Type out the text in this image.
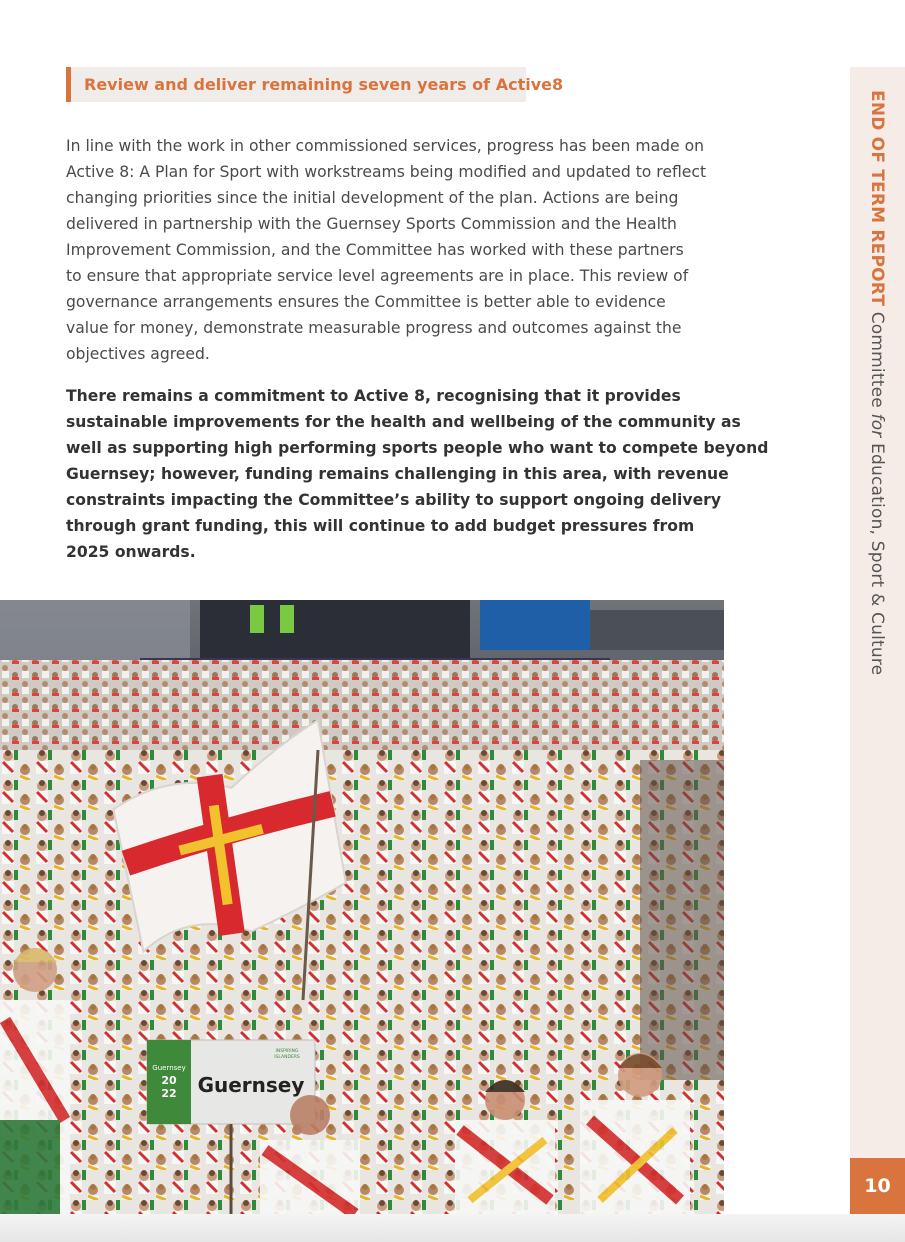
Review and deliver remaining seven years of Active8
In line with the work in other commissioned services, progress has been made on
Active 8: A Plan for Sport with workstreams being modified and updated to reflect
changing priorities since the initial development of the plan. Actions are being
delivered in partnership with the Guernsey Sports Commission and the Health
Improvement Commission, and the Committee has worked with these partners
to ensure that appropriate service level agreements are in place. This review of
governance arrangements ensures the Committee is better able to evidence
value for money, demonstrate measurable progress and outcomes against the
objectives agreed.
There remains a commitment to Active 8, recognising that it provides
sustainable improvements for the health and wellbeing of the community as
well as supporting high performing sports people who want to compete beyond
Guernsey; however, funding remains challenging in this area, with revenue
constraints impacting the Committee’s ability to support ongoing delivery
through grant funding, this will continue to add budget pressures from
2025 onwards.
Guernsey
20
22
INSPIRING
ISLANDERS
Guernsey
END OF TERM REPORT Committee for Education, Sport & Culture
10
